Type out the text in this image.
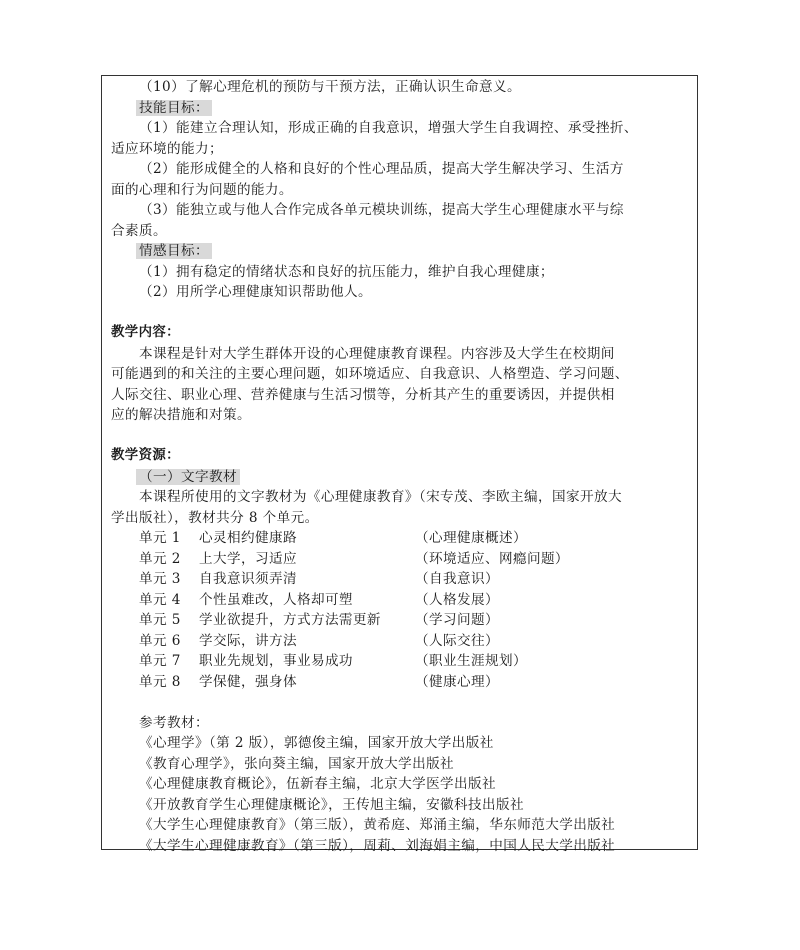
（10）了解心理危机的预防与干预方法，正确认识生命意义。
技能目标：
（1）能建立合理认知，形成正确的自我意识，增强大学生自我调控、承受挫折、
适应环境的能力；
（2）能形成健全的人格和良好的个性心理品质，提高大学生解决学习、生活方
面的心理和行为问题的能力。
（3）能独立或与他人合作完成各单元模块训练，提高大学生心理健康水平与综
合素质。
情感目标：
（1）拥有稳定的情绪状态和良好的抗压能力，维护自我心理健康；
（2）用所学心理健康知识帮助他人。
教学内容：
本课程是针对大学生群体开设的心理健康教育课程。内容涉及大学生在校期间
可能遇到的和关注的主要心理问题，如环境适应、自我意识、人格塑造、学习问题、
人际交往、职业心理、营养健康与生活习惯等，分析其产生的重要诱因，并提供相
应的解决措施和对策。
教学资源：
（一）文字教材
本课程所使用的文字教材为《心理健康教育》（宋专茂、李欧主编，国家开放大
学出版社），教材共分 8 个单元。
单元 1	心灵相约健康路	（心理健康概述）
单元 2	上大学，习适应	（环境适应、网瘾问题）
单元 3	自我意识须弄清	（自我意识）
单元 4	个性虽难改，人格却可塑	（人格发展）
单元 5	学业欲提升，方式方法需更新	（学习问题）
单元 6	学交际，讲方法	（人际交往）
单元 7	职业先规划，事业易成功	（职业生涯规划）
单元 8	学保健，强身体	（健康心理）
参考教材：
《心理学》（第 2 版），郭德俊主编，国家开放大学出版社
《教育心理学》，张向葵主编，国家开放大学出版社
《心理健康教育概论》，伍新春主编，北京大学医学出版社
《开放教育学生心理健康概论》，王传旭主编，安徽科技出版社
《大学生心理健康教育》（第三版），黄希庭、郑涌主编，华东师范大学出版社
《大学生心理健康教育》（第三版），周莉、刘海娟主编，中国人民大学出版社
